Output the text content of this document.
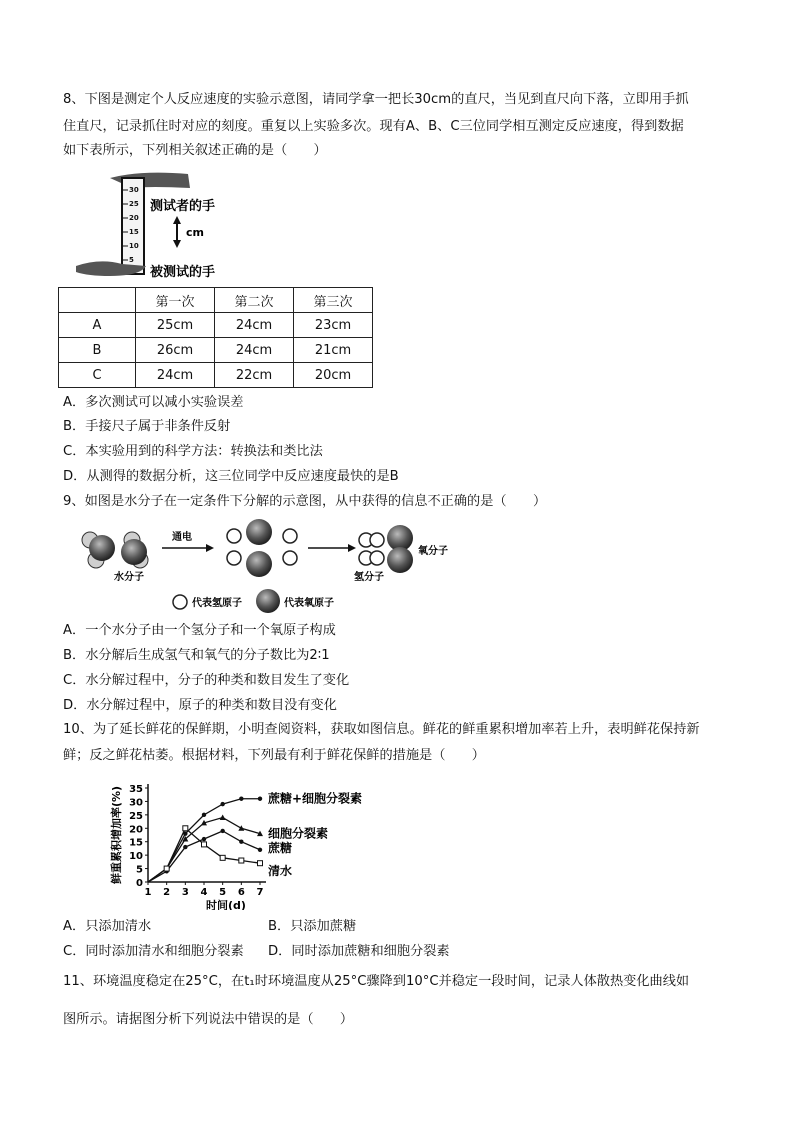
8、下图是测定个人反应速度的实验示意图，请同学拿一把长30cm的直尺，当见到直尺向下落，立即用手抓
住直尺，记录抓住时对应的刻度。重复以上实验多次。现有A、B、C三位同学相互测定反应速度，得到数据
如下表所示，下列相关叙述正确的是（　　）
30
25
20
15
10
5
测试者的手
cm
被测试的手
	第一次	第二次	第三次
A	25cm	24cm	23cm
B	26cm	24cm	21cm
C	24cm	22cm	20cm
A．多次测试可以减小实验误差
B．手接尺子属于非条件反射
C．本实验用到的科学方法：转换法和类比法
D．从测得的数据分析，这三位同学中反应速度最快的是B
9、如图是水分子在一定条件下分解的示意图，从中获得的信息不正确的是（　　）
水分子
通电
氢分子
氧分子
代表氢原子	代表氧原子
A．一个水分子由一个氢分子和一个氧原子构成
B．水分解后生成氢气和氧气的分子数比为2∶1
C．水分解过程中，分子的种类和数目发生了变化
D．水分解过程中，原子的种类和数目没有变化
10、为了延长鲜花的保鲜期，小明查阅资料，获取如图信息。鲜花的鲜重累积增加率若上升，表明鲜花保持新
鲜；反之鲜花枯萎。根据材料，下列最有利于鲜花保鲜的措施是（　　）
0
5
10
15
20
25
30
35
1 2 3 4 5 6 7
蔗糖+细胞分裂素
细胞分裂素
蔗糖
清水
鲜重累积增加率(%)
时间(d)
A．只添加清水	B．只添加蔗糖
C．同时添加清水和细胞分裂素 D．同时添加蔗糖和细胞分裂素
11、环境温度稳定在25°C，在t₁时环境温度从25°C骤降到10°C并稳定一段时间，记录人体散热变化曲线如
图所示。请据图分析下列说法中错误的是（　　）
